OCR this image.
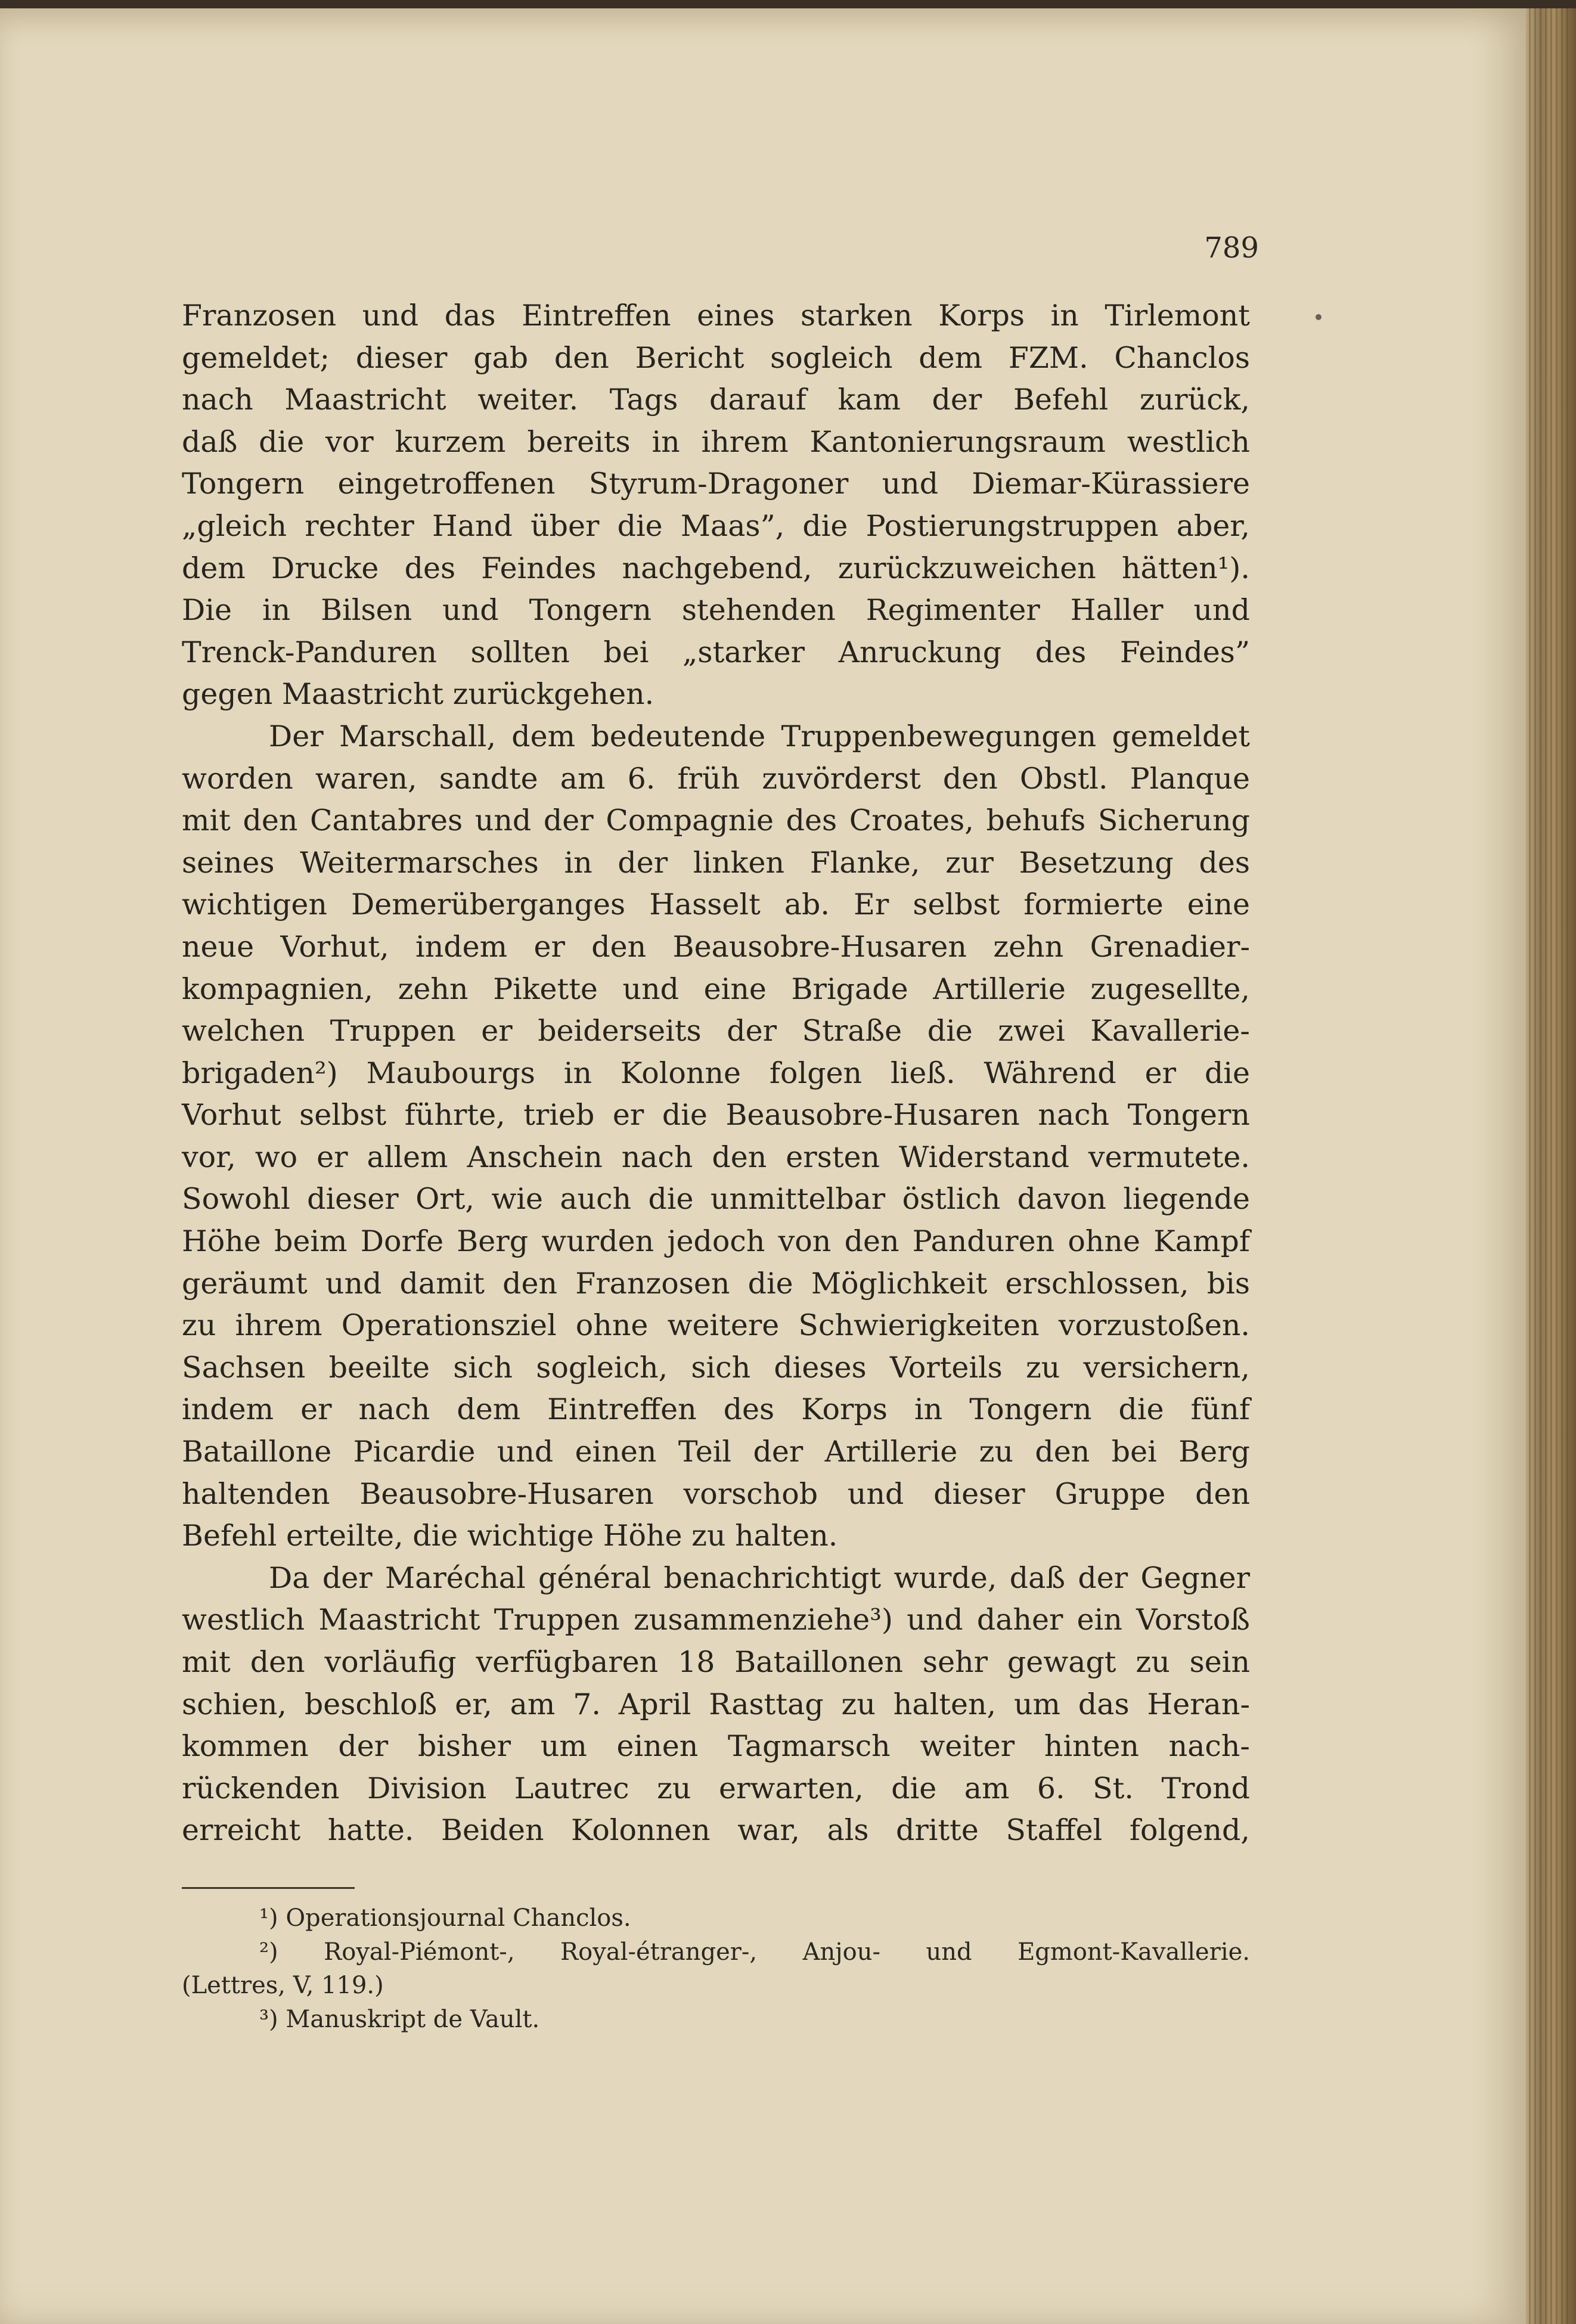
789
Franzosen und das Eintreffen eines starken Korps in Tirlemont
gemeldet; dieser gab den Bericht sogleich dem FZM. Chanclos
nach Maastricht weiter. Tags darauf kam der Befehl zurück,
daß die vor kurzem bereits in ihrem Kantonierungsraum westlich
Tongern eingetroffenen Styrum-Dragoner und Diemar-Kürassiere
„gleich rechter Hand über die Maas”, die Postierungstruppen aber,
dem Drucke des Feindes nachgebend, zurückzuweichen hätten¹).
Die in Bilsen und Tongern stehenden Regimenter Haller und
Trenck-Panduren sollten bei „starker Anruckung des Feindes”
gegen Maastricht zurückgehen.
Der Marschall, dem bedeutende Truppenbewegungen gemeldet
worden waren, sandte am 6. früh zuvörderst den Obstl. Planque
mit den Cantabres und der Compagnie des Croates, behufs Sicherung
seines Weitermarsches in der linken Flanke, zur Besetzung des
wichtigen Demerüberganges Hasselt ab. Er selbst formierte eine
neue Vorhut, indem er den Beausobre-Husaren zehn Grenadier-
kompagnien, zehn Pikette und eine Brigade Artillerie zugesellte,
welchen Truppen er beiderseits der Straße die zwei Kavallerie-
brigaden²) Maubourgs in Kolonne folgen ließ. Während er die
Vorhut selbst führte, trieb er die Beausobre-Husaren nach Tongern
vor, wo er allem Anschein nach den ersten Widerstand vermutete.
Sowohl dieser Ort, wie auch die unmittelbar östlich davon liegende
Höhe beim Dorfe Berg wurden jedoch von den Panduren ohne Kampf
geräumt und damit den Franzosen die Möglichkeit erschlossen, bis
zu ihrem Operationsziel ohne weitere Schwierigkeiten vorzustoßen.
Sachsen beeilte sich sogleich, sich dieses Vorteils zu versichern,
indem er nach dem Eintreffen des Korps in Tongern die fünf
Bataillone Picardie und einen Teil der Artillerie zu den bei Berg
haltenden Beausobre-Husaren vorschob und dieser Gruppe den
Befehl erteilte, die wichtige Höhe zu halten.
Da der Maréchal général benachrichtigt wurde, daß der Gegner
westlich Maastricht Truppen zusammenziehe³) und daher ein Vorstoß
mit den vorläufig verfügbaren 18 Bataillonen sehr gewagt zu sein
schien, beschloß er, am 7. April Rasttag zu halten, um das Heran-
kommen der bisher um einen Tagmarsch weiter hinten nach-
rückenden Division Lautrec zu erwarten, die am 6. St. Trond
erreicht hatte. Beiden Kolonnen war, als dritte Staffel folgend,
¹) Operationsjournal Chanclos.
²) Royal-Piémont-, Royal-étranger-, Anjou- und Egmont-Kavallerie.
(Lettres, V, 119.)
³) Manuskript de Vault.
